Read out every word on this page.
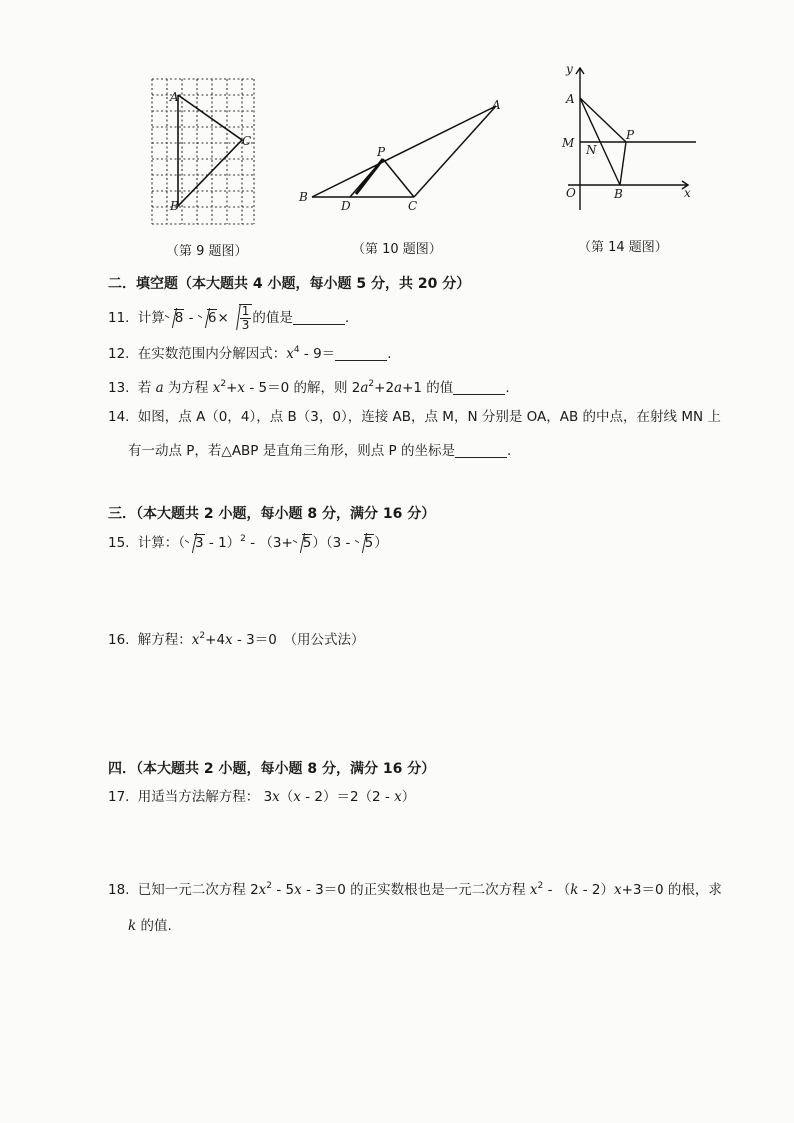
A
C
B
（第 9 题图）
A
P
B
D	C
（第 10 题图）
y
A
M N
P
O	B	x
（第 14 题图）
二．填空题（本大题共 4 小题，每小题 5 分，共 20 分）
11. 计算 8 -
$6\times \frac{1}{3}$ 的值是	.
12. 在实数范围内分解因式：$x^4 - 9=$	.
13. 若 a 为方程 $x^2+x - 5=0$ 的解，则 $2a^2+2a+1$ 的值	.
14. 如图，点 A（0，4），点 B（3，0），连接 AB，点 M，N 分别是 OA，AB 的中点，在射线 MN 上
有一动点 P，若△ABP 是直角三角形，则点 P 的坐标是	.
三．（本大题共 2 小题，每小题 8 分，满分 16 分）
15. 计算：（ 3 - 1）$^2$ - （3+ 5）（3 -
5）
16. 解方程：$x^2+4x - 3=0$　（用公式法）
四．（本大题共 2 小题，每小题 8 分，满分 16 分）
17. 用适当方法解方程： 3x（x - 2）＝2（2 - x）
18. 已知一元二次方程 $2x^2 - 5x - 3=0$ 的正实数根也是一元二次方程 $x^2 - (k - 2)x+3=0$ 的根，求
k 的值.
